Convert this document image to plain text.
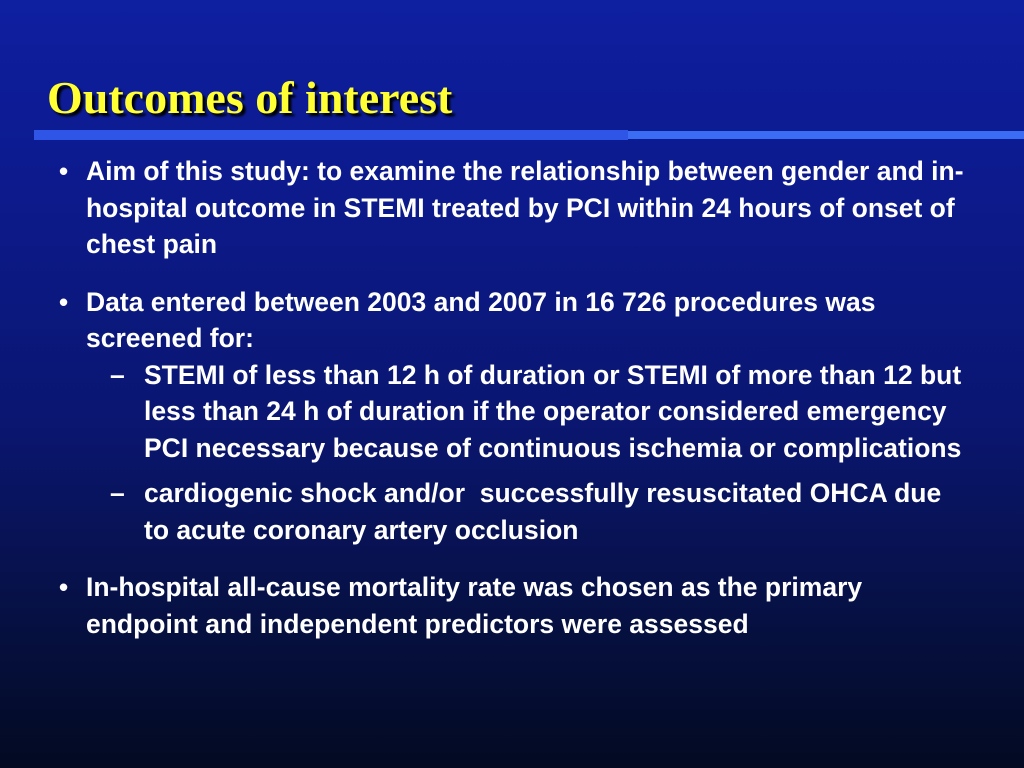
Outcomes of interest
• Aim of this study: to examine the relationship between gender and in-hospital outcome in STEMI treated by PCI within 24 hours of onset of chest pain
• Data entered between 2003 and 2007 in 16 726 procedures was screened for:
– STEMI of less than 12 h of duration or STEMI of more than 12 but less than 24 h of duration if the operator considered emergency PCI necessary because of continuous ischemia or complications
– cardiogenic shock and/or  successfully resuscitated OHCA due to acute coronary artery occlusion
• In-hospital all-cause mortality rate was chosen as the primary endpoint and independent predictors were assessed
